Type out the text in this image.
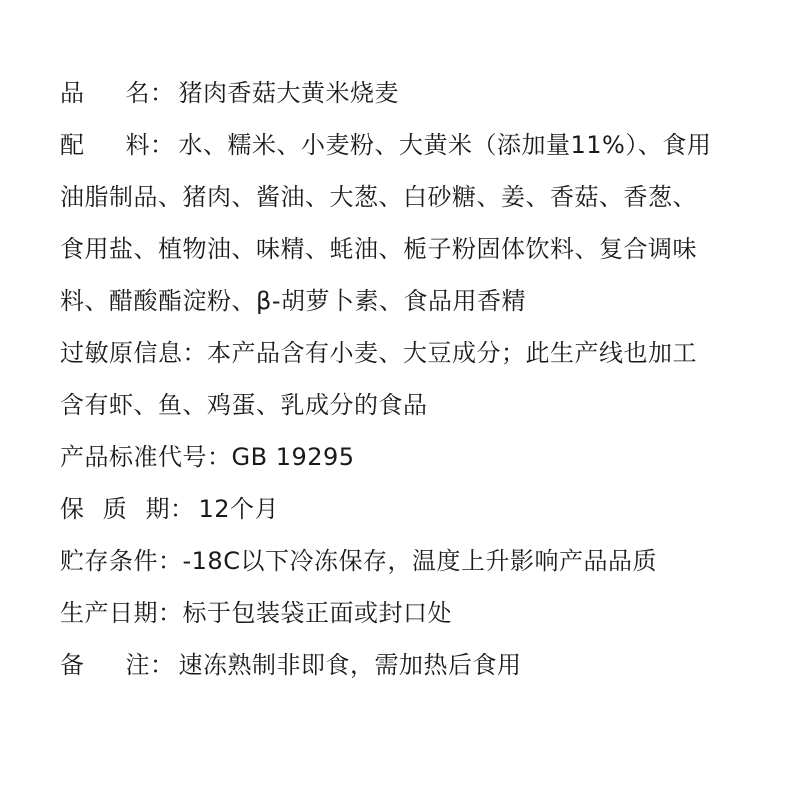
品 名 ： 猪肉香菇大黄米烧麦
配 料 ： 水、糯米、小麦粉、大黄米（添加量11%）、食用
油脂制品、猪肉、酱油、大葱、白砂糖、姜、香菇、香葱、
食用盐、植物油、味精、蚝油、栀子粉固体饮料、复合调味
料、醋酸酯淀粉、β-胡萝卜素、食品用香精
过敏原信息：本产品含有小麦、大豆成分；此生产线也加工
含有虾、鱼、鸡蛋、乳成分的食品
产品标准代号：GB 19295
保 质 期 ： 12个月
贮存条件：-18C以下冷冻保存，温度上升影响产品品质
生产日期：标于包装袋正面或封口处
备 注 ： 速冻熟制非即食，需加热后食用
